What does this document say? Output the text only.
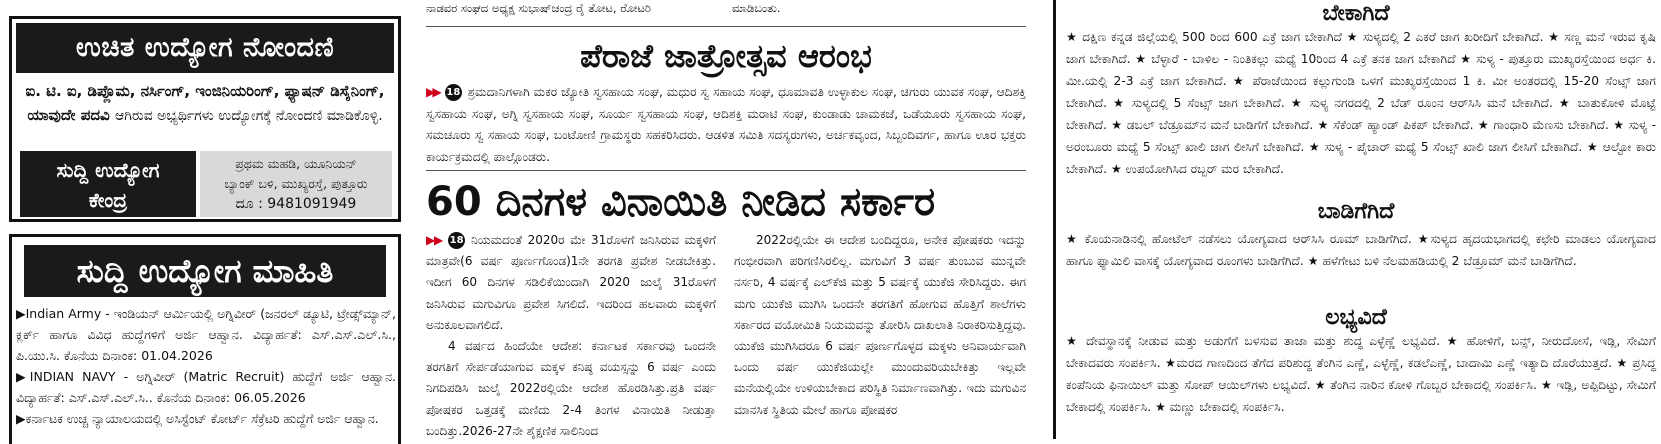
ಉಚಿತ ಉದ್ಯೋಗ ನೋಂದಣಿ
ಐ. ಟಿ. ಐ, ಡಿಪ್ಲೊಮ, ನರ್ಸಿಂಗ್, ಇಂಜಿನಿಯರಿಂಗ್, ಫ್ಯಾಷನ್ ಡಿಸೈನಿಂಗ್, ಯಾವುದೇ ಪದವಿ ಆಗಿರುವ ಅಭ್ಯರ್ಥಿಗಳು ಉದ್ಯೋಗಕ್ಕೆ ನೋಂದಣಿ ಮಾಡಿಕೊಳ್ಳಿ.
ಸುದ್ದಿ ಉದ್ಯೋಗ
ಕೇಂದ್ರ
ಪ್ರಥಮ ಮಹಡಿ, ಯೂನಿಯನ್
ಬ್ಯಾಂಕ್ ಬಳಿ, ಮುಖ್ಯರಸ್ತೆ, ಪುತ್ತೂರು
ದೂ : 9481091949
ಸುದ್ದಿ ಉದ್ಯೋಗ ಮಾಹಿತಿ

▶Indian Army - ಇಂಡಿಯನ್ ಆರ್ಮಿಯಲ್ಲಿ ಅಗ್ನಿವೀರ್ (ಜನರಲ್ ಡ್ಯೂಟಿ, ಟ್ರೇಡ್ಸ್‌ಮ್ಯಾನ್, ಕ್ಲರ್ಕ್ ಹಾಗೂ ವಿವಿಧ ಹುದ್ದೆಗಳಿಗೆ ಅರ್ಜಿ ಆಹ್ವಾನ. ವಿದ್ಯಾರ್ಹತೆ: ಎಸ್.ಎಸ್.ಎಲ್.ಸಿ., ಪಿ.ಯು.ಸಿ. ಕೊನೆಯ ದಿನಾಂಕ: 01.04.2026

▶INDIAN NAVY - ಅಗ್ನಿವೀರ್ (Matric Recruit) ಹುದ್ದೆಗೆ ಅರ್ಜಿ ಆಹ್ವಾನ. ವಿದ್ಯಾರ್ಹತೆ: ಎಸ್.ಎಸ್.ಎಲ್.ಸಿ.. ಕೊನೆಯ ದಿನಾಂಕ: 06.05.2026

▶ಕರ್ನಾಟಕ ಉಚ್ಚ ನ್ಯಾಯಾಲಯದಲ್ಲಿ ಅಸಿಸ್ಟೆಂಟ್ ಕೋರ್ಟ್ ಸೆಕ್ರೆಟರಿ ಹುದ್ದೆಗೆ ಅರ್ಜಿ ಆಹ್ವಾನ.

ನಾಡವರ ಸಂಘದ ಅಧ್ಯಕ್ಷ ಸುಭಾಷ್‌ಚಂದ್ರ ರೈ ತೋಟ, ರೋಟರಿ	ಮಾಡಿಬಂತು.
ಪೆರಾಜೆ ಜಾತ್ರೋತ್ಸವ ಆರಂಭ
▶▶ 18 ಶ್ರಮದಾನಿಗಳಾಗಿ ಮಕರ ಜ್ಯೋತಿ ಸ್ವಸಹಾಯ ಸಂಘ, ಮಧುರ ಸ್ವ ಸಹಾಯ ಸಂಘ, ಧೂಮಾವತಿ ಉಳ್ಳಾಕುಲ ಸಂಘ, ಚಿಗುರು ಯುವಕ ಸಂಘ, ಆದಿಶಕ್ತಿ ಸ್ವಸಹಾಯ ಸಂಘ, ಅಗ್ನಿ ಸ್ವಸಹಾಯ ಸಂಘ, ಸೂರ್ಯ ಸ್ವಸಹಾಯ ಸಂಘ, ಆದಿಶಕ್ತಿ ಮರಾಟಿ ಸಂಘ, ಕುಂಡಾಡು ಚಾಮಕಜೆ, ಒಡೆಯೂರು ಸ್ವಸಹಾಯ ಸಂಘ, ಸಮಚೂರು ಸ್ವ ಸಹಾಯ ಸಂಘ, ಬಂಟೋಣಿ ಗ್ರಾಮಸ್ಥರು ಸಹಕರಿಸಿದರು. ಆಡಳಿತ ಸಮಿತಿ ಸದಸ್ಯರುಗಳು, ಅರ್ಚಕವೃಂದ, ಸಿಬ್ಬಂದಿವರ್ಗ, ಹಾಗೂ ಊರ ಭಕ್ತರು ಕಾರ್ಯಕ್ರಮದಲ್ಲಿ ಪಾಲ್ಗೊಂಡರು.
60 ದಿನಗಳ ವಿನಾಯಿತಿ ನೀಡಿದ ಸರ್ಕಾರ

▶▶ 18 ನಿಯಮದಂತೆ 2020ರ ಮೇ 31ರೊಳಗೆ ಜನಿಸಿರುವ ಮಕ್ಕಳಿಗೆ ಮಾತ್ರವೇ(6 ವರ್ಷ ಪೂರ್ಣಗೊಂಡ)1ನೇ ತರಗತಿ ಪ್ರವೇಶ ನೀಡಬೇಕಿತ್ತು. ಇದೀಗ 60 ದಿನಗಳ ಸಡಿಲಿಕೆಯಿಂದಾಗಿ 2020 ಜುಲೈ 31ರೊಳಗೆ ಜನಿಸಿರುವ ಮಗುವಿಗೂ ಪ್ರವೇಶ ಸಿಗಲಿದೆ. ಇದರಿಂದ ಹಲವಾರು ಮಕ್ಕಳಿಗೆ ಅನುಕೂಲವಾಗಲಿದೆ.

4 ವರ್ಷದ ಹಿಂದೆಯೇ ಆದೇಶ: ಕರ್ನಾಟಕ ಸರ್ಕಾರವು ಒಂದನೇ ತರಗತಿಗೆ ಸೇರ್ಪಡೆಯಾಗುವ ಮಕ್ಕಳ ಕನಿಷ್ಠ ವಯಸ್ಸನ್ನು 6 ವರ್ಷ ಎಂದು ನಿಗದಿಪಡಿಸಿ ಜುಲೈ 2022ರಲ್ಲಿಯೇ ಆದೇಶ ಹೊರಡಿಸಿತ್ತು.ಪ್ರತಿ ವರ್ಷ ಪೋಷಕರ ಒತ್ತಡಕ್ಕೆ ಮಣಿದು 2-4 ತಿಂಗಳ ವಿನಾಯಿತಿ ನೀಡುತ್ತಾ ಬಂದಿತ್ತು.2026-27ನೇ ಶೈಕ್ಷಣಿಕ ಸಾಲಿನಿಂದ

2022ರಲ್ಲಿಯೇ ಈ ಆದೇಶ ಬಂದಿದ್ದರೂ, ಅನೇಕ ಪೋಷಕರು ಇದನ್ನು ಗಂಭೀರವಾಗಿ ಪರಿಗಣಿಸಿರಲಿಲ್ಲ. ಮಗುವಿಗೆ 3 ವರ್ಷ ತುಂಬುವ ಮುನ್ನವೇ ನರ್ಸರಿ, 4 ವರ್ಷಕ್ಕೆ ಎಲ್‌ಕೆಜಿ ಮತ್ತು 5 ವರ್ಷಕ್ಕೆ ಯುಕೆಜಿ ಸೇರಿಸಿದ್ದರು. ಈಗ ಮಗು ಯುಕೆಜಿ ಮುಗಿಸಿ ಒಂದನೇ ತರಗತಿಗೆ ಹೋಗುವ ಹೊತ್ತಿಗೆ ಶಾಲೆಗಳು ಸರ್ಕಾರದ ವಯೋಮಿತಿ ನಿಯಮವನ್ನು ತೋರಿಸಿ ದಾಖಲಾತಿ ನಿರಾಕರಿಸುತ್ತಿದ್ದವು. ಯುಕೆಜಿ ಮುಗಿಸಿದರೂ 6 ವರ್ಷ ಪೂರ್ಣಗೊಳ್ಳದ ಮಕ್ಕಳು ಅನಿವಾರ್ಯವಾಗಿ ಒಂದು ವರ್ಷ ಯುಕೆಜಿಯಲ್ಲೇ ಮುಂದುವರಿಯಬೇಕಿತ್ತು ಇಲ್ಲವೇ ಮನೆಯಲ್ಲಿಯೇ ಉಳಿಯಬೇಕಾದ ಪರಿಸ್ಥಿತಿ ನಿರ್ಮಾಣವಾಗಿತ್ತು. ಇದು ಮಗುವಿನ ಮಾನಸಿಕ ಸ್ಥಿತಿಯ ಮೇಲೆ ಹಾಗೂ ಪೋಷಕರ

ಬೇಕಾಗಿದೆ

★ ದಕ್ಷಿಣ ಕನ್ನಡ ಜಿಲ್ಲೆಯಲ್ಲಿ 500 ರಿಂದ 600 ಎಕ್ರೆ ಜಾಗ ಬೇಕಾಗಿದೆ ★ ಸುಳ್ಯದಲ್ಲಿ 2 ಎಕರೆ ಜಾಗ ಖರೀದಿಗೆ ಬೇಕಾಗಿದೆ. ★ ಸಣ್ಣ ಮನೆ ಇರುವ ಕೃಷಿ ಜಾಗ ಬೇಕಾಗಿದೆ. ★ ಬೆಳ್ಳಾರೆ - ಬಾಳಿಲ - ನಿಂತಿಕಲ್ಲು ಮಧ್ಯೆ 10ರಿಂದ 4 ಎಕ್ರೆ ತನಕ ಜಾಗ ಬೇಕಾಗಿದೆ ★ ಸುಳ್ಯ - ಪುತ್ತೂರು ಮುಖ್ಯರಸ್ತೆಯಿಂದ ಅರ್ಧ ಕಿ. ಮೀ.ಯಲ್ಲಿ 2-3 ಎಕ್ರೆ ಜಾಗ ಬೇಕಾಗಿದೆ. ★ ಪೆರಾಜೆಯಿಂದ ಕಲ್ಲುಗುಂಡಿ ಒಳಗೆ ಮುಖ್ಯರಸ್ತೆಯಿಂದ 1 ಕಿ. ಮೀ ಅಂತರದಲ್ಲಿ 15-20 ಸೆಂಟ್ಸ್ ಜಾಗ ಬೇಕಾಗಿದೆ. ★ ಸುಳ್ಯದಲ್ಲಿ 5 ಸೆಂಟ್ಸ್ ಜಾಗ ಬೇಕಾಗಿದೆ. ★ ಸುಳ್ಯ ನಗರದಲ್ಲಿ 2 ಬೆಡ್ ರೂಂನ ಆರ್‌ಸಿಸಿ ಮನೆ ಬೇಕಾಗಿದೆ. ★ ಬಾತುಕೋಳಿ ಮೊಟ್ಟೆ ಬೇಕಾಗಿದೆ. ★ ಡಬಲ್ ಬೆಡ್ರೂಮ್‌ನ ಮನೆ ಬಾಡಿಗೆಗೆ ಬೇಕಾಗಿದೆ. ★ ಸೆಕೆಂಡ್ ಹ್ಯಾಂಡ್ ಪಿಕಪ್ ಬೇಕಾಗಿದೆ. ★ ಗಾಂಧಾರಿ ಮೆಣಸು ಬೇಕಾಗಿದೆ. ★ ಸುಳ್ಯ - ಅರಂಬೂರು ಮಧ್ಯೆ 5 ಸೆಂಟ್ಸ್ ಖಾಲಿ ಜಾಗ ಲೀಸಿಗೆ ಬೇಕಾಗಿದೆ. ★ ಸುಳ್ಯ - ಪೈಚಾರ್ ಮಧ್ಯೆ 5 ಸೆಂಟ್ಸ್ ಖಾಲಿ ಜಾಗ ಲೀಸಿಗೆ ಬೇಕಾಗಿದೆ. ★ ಆಲ್ಟೋ ಕಾರು ಬೇಕಾಗಿದೆ. ★ ಉಪಯೋಗಿಸಿದ ರಬ್ಬರ್ ಮರ ಬೇಕಾಗಿದೆ.

ಬಾಡಿಗೆಗಿದೆ

★ ಕೊಯನಾಡಿನಲ್ಲಿ ಹೋಟೆಲ್ ನಡೆಸಲು ಯೋಗ್ಯವಾದ ಆರ್‌ಸಿಸಿ ರೂಮ್ ಬಾಡಿಗೆಗಿದೆ. ★ಸುಳ್ಯದ ಹೃದಯಭಾಗದಲ್ಲಿ ಕಛೇರಿ ಮಾಡಲು ಯೋಗ್ಯವಾದ ಹಾಗೂ ಫ್ಯಾಮಿಲಿ ವಾಸಕ್ಕೆ ಯೋಗ್ಯವಾದ ರೂಂಗಳು ಬಾಡಿಗೆಗಿದೆ. ★ ಹಳೆಗೇಟು ಬಳಿ ನೆಲಮಹಡಿಯಲ್ಲಿ 2 ಬೆಡ್ರೂಮ್ ಮನೆ ಬಾಡಿಗೆಗಿದೆ.

ಲಭ್ಯವಿದೆ

★ ದೇವಸ್ಥಾನಕ್ಕೆ ನೀಡುವ ಮತ್ತು ಅಡುಗೆಗೆ ಬಳಸುವ ತಾಜಾ ಮತ್ತು ಶುದ್ಧ ಎಳ್ಳೆಣ್ಣೆ ಲಭ್ಯವಿದೆ. ★ ಹೋಳಿಗೆ, ಬನ್ಸ್, ನೀರುದೋಸೆ, ಇಡ್ಲಿ, ಸೇಮಿಗೆ ಬೇಕಾದವರು ಸಂಪರ್ಕಿಸಿ. ★ಮರದ ಗಾಣದಿಂದ ತೆಗೆದ ಪರಿಶುದ್ಧ ತೆಂಗಿನ ಎಣ್ಣೆ, ಎಳ್ಳೆಣ್ಣೆ, ಕಡಲೆಎಣ್ಣೆ, ಬಾದಾಮಿ ಎಣ್ಣೆ ಇತ್ಯಾದಿ ದೊರೆಯುತ್ತದೆ. ★ ಪ್ರಸಿದ್ಧ ಕಂಪೆನಿಯ ಫಿನಾಯಿಲ್ ಮತ್ತು ಸೋಪ್ ಆಯಿಲ್‌ಗಳು ಲಭ್ಯವಿದೆ. ★ ತೆಂಗಿನ ನಾರಿನ ಕೋಳಿ ಗೊಬ್ಬರ ಬೇಕಾದಲ್ಲಿ ಸಂಪರ್ಕಿಸಿ. ★ ಇಡ್ಲಿ, ಅಪ್ಪಿದಿಟ್ಟು, ಸೇಮಿಗೆ ಬೇಕಾದಲ್ಲಿ ಸಂಪರ್ಕಿಸಿ. ★ ಮಣ್ಣು ಬೇಕಾದಲ್ಲಿ ಸಂಪರ್ಕಿಸಿ.
